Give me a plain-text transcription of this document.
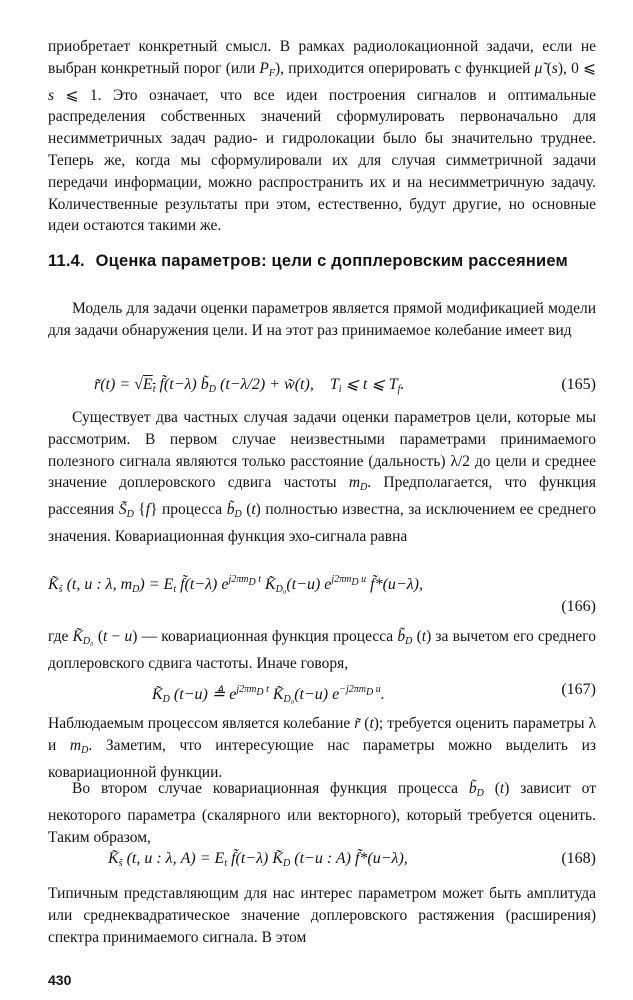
приобретает конкретный смысл. В рамках радиолокационной задачи, если не выбран конкретный порог (или $P_F$), приходится оперировать с функцией μ̃ (s), 0 ⩽ s ⩽ 1. Это означает, что все идеи построения сигналов и оптимальные распределения собственных значений сформулировать первоначально для несимметричных задач радио- и гидролокации было бы значительно труднее. Теперь же, когда мы сформулировали их для случая симметричной задачи передачи информации, можно распространить их и на несимметричную задачу. Количественные результаты при этом, естественно, будут другие, но основные идеи остаются такими же.

11.4. Оценка параметров: цели с допплеровским рассеянием

Модель для задачи оценки параметров является прямой модификацией модели для задачи обнаружения цели. И на этот раз принимаемое колебание имеет вид

r̃(t) = $√E_t$ f̃(t−λ) $b̃_D$ (t−λ/2) + w̃(t),    $T_i$ ⩽ t ⩽ $T_f$.	(165)

Существует два частных случая задачи оценки параметров цели, которые мы рассмотрим. В первом случае неизвестными параметрами принимаемого полезного сигнала являются только расстояние (дальность) λ/2 до цели и среднее значение доплеровского сдвига частоты $m_D$. Предполагается, что функция рассеяния $S̃_D$ {f} процесса $b̃_D$ (t) полностью известна, за исключением ее среднего значения. Ковариационная функция эхо-сигнала равна

$K̃_{s̃}$ (t, u : λ, $m_D) = E_t$ f̃(t−λ) $e^{j2\pi m_D t}$ $K̃_{D_0}(t-u)$ $e^{j2\pi m_D u}$ f̃*(u−λ),
(166)

где $K̃_{D_0}$ (t − u) — ковариационная функция процесса $b̃_D$ (t) за вычетом его среднего доплеровского сдвига частоты. Иначе говоря,

$K̃_D$ (t−u) ≜ $e^{j2\pi m_D t}$ $K̃_{D_0}(t-u)$ $e^{-j2\pi m_D u}$.	(167)

Наблюдаемым процессом является колебание r̃ (t); требуется оценить параметры λ и $m_D$. Заметим, что интересующие нас параметры можно выделить из ковариационной функции.

Во втором случае ковариационная функция процесса $b̃_D$ (t) зависит от некоторого параметра (скалярного или векторного), который требуется оценить. Таким образом,

$K̃_{s̃}$ (t, u : λ, $A) = E_t$ f̃(t−λ) $K̃_D$ (t−u : A) f̃*(u−λ),	(168)

Типичным представляющим для нас интерес параметром может быть амплитуда или среднеквадратическое значение доплеровского растяжения (расширения) спектра принимаемого сигнала. В этом

430
